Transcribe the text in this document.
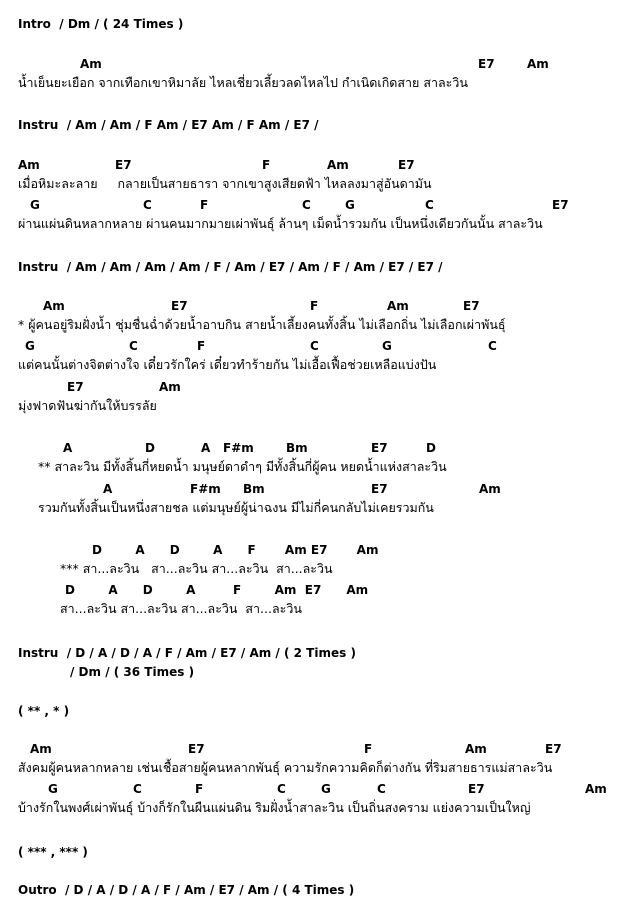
Intro  / Dm / ( 24 Times )
Am	E7	Am
น้ำเย็นยะเยือก จากเทือกเขาหิมาลัย ไหลเชี่ยวเลี้ยวลดไหลไป กำเนิดเกิดสาย สาละวิน
Instru  / Am / Am / F Am / E7 Am / F Am / E7 /
Am	E7	F	Am	E7
เมื่อหิมะละลาย     กลายเป็นสายธารา จากเขาสูงเสียดฟ้า ไหลลงมาสู่อันดามัน
G	C	F	C	G	C	E7
ผ่านแผ่นดินหลากหลาย ผ่านคนมากมายเผ่าพันธุ์ ล้านๆ เม็ดน้ำรวมกัน เป็นหนึ่งเดียวกันนั้น สาละวิน
Instru  / Am / Am / Am / Am / F / Am / E7 / Am / F / Am / E7 / E7 /
Am	E7	F	Am	E7
* ผู้คนอยู่ริมฝั่งน้ำ ชุ่มชื่นฉ่ำด้วยน้ำอาบกิน สายน้ำเลี้ยงคนทั้งสิ้น ไม่เลือกถิ่น ไม่เลือกเผ่าพันธุ์
G	C	F	C	G	C
แต่คนนั้นต่างจิตต่างใจ เดี๋ยวรักใคร่ เดี๋ยวทำร้ายกัน ไม่เอื้อเฟื้อช่วยเหลือแบ่งปัน
E7	Am
มุ่งฟาดฟันฆ่ากันให้บรรลัย
A	D	A F#m	Bm	E7	D
** สาละวิน มีทั้งสิ้นกี่หยดน้ำ มนุษย์ดาดำๆ มีทั้งสิ้นกี่ผู้คน หยดน้ำแห่งสาละวิน
A	F#m Bm	E7	Am
รวมกันทั้งสิ้นเป็นหนึ่งสายชล แต่มนุษย์ผู้น่าฉงน มีไม่กี่คนกลับไม่เคยรวมกัน
D        A      D        A      F       Am E7       Am
*** สา...ละวิน   สา...ละวิน สา...ละวิน  สา...ละวิน
D        A      D        A         F        Am  E7      Am
สา...ละวิน สา...ละวิน สา...ละวิน  สา...ละวิน
Instru  / D / A / D / A / F / Am / E7 / Am / ( 2 Times )
/ Dm / ( 36 Times )
( ** , * )
Am	E7	F	Am	E7
สังคมผู้คนหลากหลาย เช่นเชื้อสายผู้คนหลากพันธุ์ ความรักความคิดก็ต่างกัน ที่ริมสายธารแม่สาละวิน
G	C	F	C	G	C	E7	Am
บ้างรักในพงศ์เผ่าพันธุ์ บ้างก็รักในผืนแผ่นดิน ริมฝั่งน้ำสาละวิน เป็นถิ่นสงคราม แย่งความเป็นใหญ่
( *** , *** )
Outro  / D / A / D / A / F / Am / E7 / Am / ( 4 Times )
